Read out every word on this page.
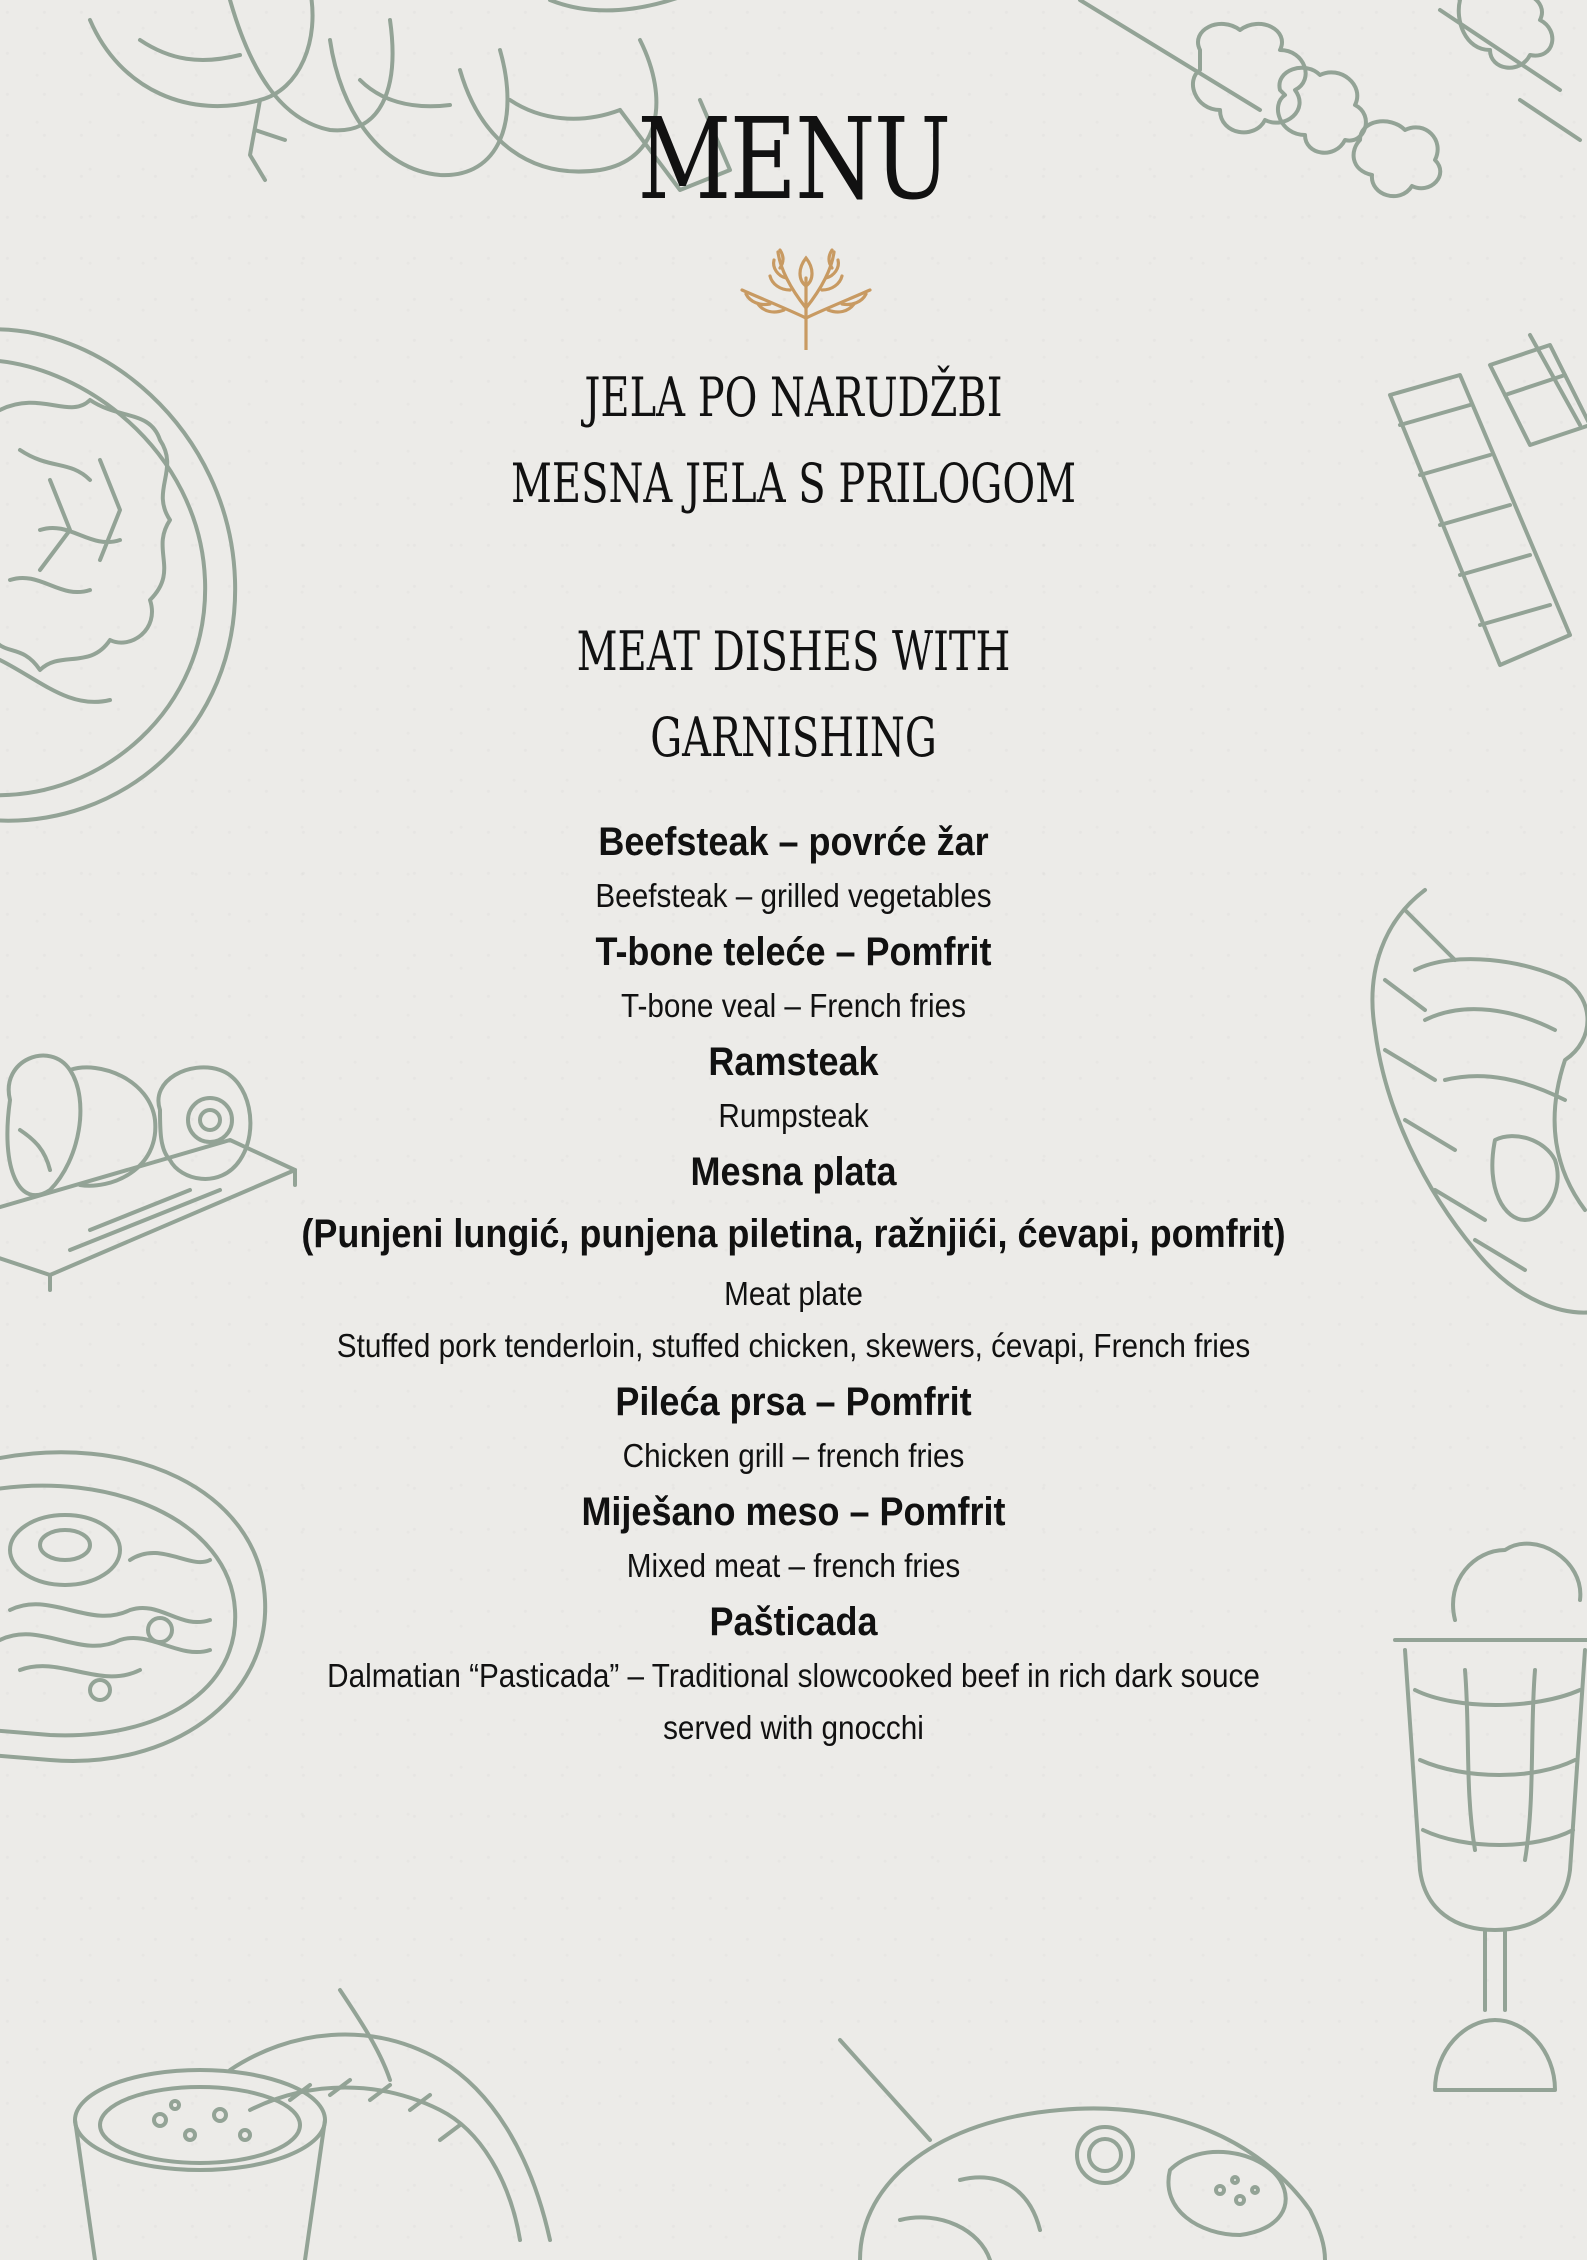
MENU
JELA PO NARUDŽBI
MESNA JELA S PRILOGOM
MEAT DISHES WITH
GARNISHING
Beefsteak – povrće žar
Beefsteak – grilled vegetables
T-bone teleće – Pomfrit
T-bone veal – French fries
Ramsteak
Rumpsteak
Mesna plata
(Punjeni lungić, punjena piletina, ražnjići, ćevapi, pomfrit)
Meat plate
Stuffed pork tenderloin, stuffed chicken, skewers, ćevapi, French fries
Pileća prsa – Pomfrit
Chicken grill – french fries
Miješano meso – Pomfrit
Mixed meat – french fries
Pašticada
Dalmatian “Pasticada” – Traditional slowcooked beef in rich dark souce
served with gnocchi
